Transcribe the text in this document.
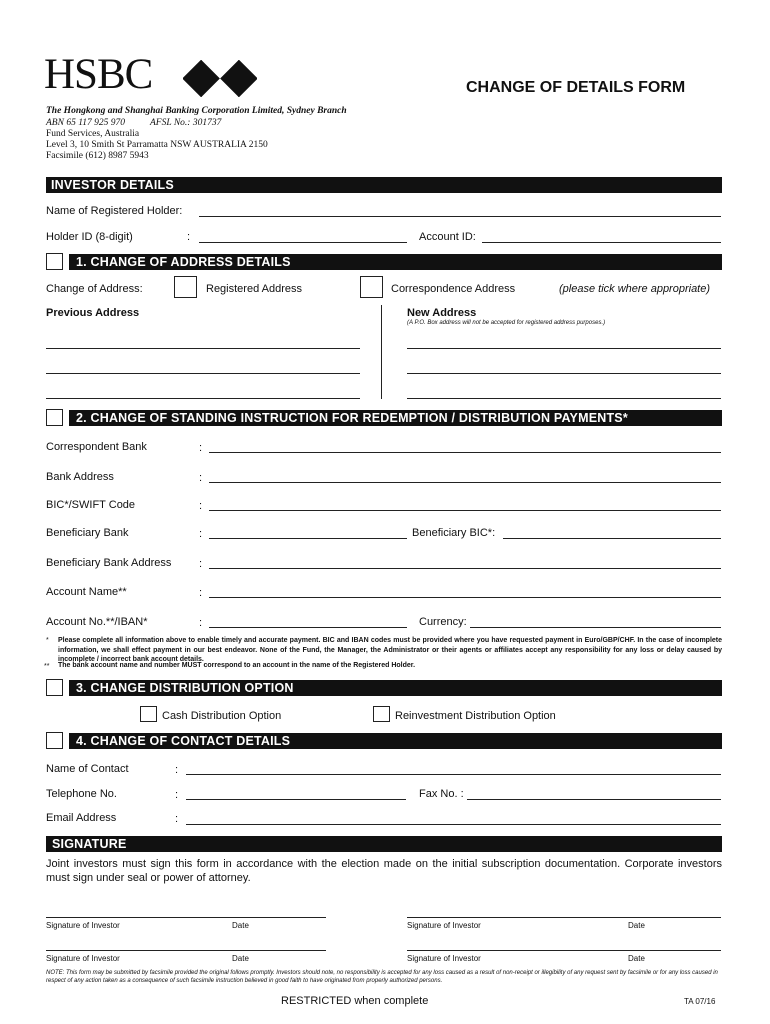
HSBC	CHANGE OF DETAILS FORM
The Hongkong and Shanghai Banking Corporation Limited, Sydney Branch
ABN 65 117 925 970	AFSL No.: 301737
Fund Services, Australia
Level 3, 10 Smith St Parramatta NSW AUSTRALIA 2150
Facsimile (612) 8987 5943
INVESTOR DETAILS
Name of Registered Holder:
Holder ID (8-digit)	:	Account ID:
1. CHANGE OF ADDRESS DETAILS
Change of Address:	Registered Address	Correspondence Address	(please tick where appropriate)
Previous Address	New Address
(A P.O. Box address will not be accepted for registered address purposes.)
2. CHANGE OF STANDING INSTRUCTION FOR REDEMPTION / DISTRIBUTION PAYMENTS*
Correspondent Bank	:
Bank Address	:
BIC*/SWIFT Code	:
Beneficiary Bank	:	Beneficiary BIC*:
Beneficiary Bank Address	:
Account Name**	:
Account No.**/IBAN*	:	Currency:
* Please complete all information above to enable timely and accurate payment. BIC and IBAN codes must be provided where you have requested payment in Euro/GBP/CHF. In the case of incomplete information, we shall effect payment in our best endeavor. None of the Fund, the Manager, the Administrator or their agents or affiliates accept any responsibility for any loss or delay caused by incomplete / incorrect bank account details.
** The bank account name and number MUST correspond to an account in the name of the Registered Holder.
3. CHANGE DISTRIBUTION OPTION
Cash Distribution Option	Reinvestment Distribution Option
4. CHANGE OF CONTACT DETAILS
Name of Contact	:
Telephone No.	:	Fax No. :
Email Address	:
SIGNATURE
Joint investors must sign this form in accordance with the election made on the initial subscription documentation. Corporate investors must sign under seal or power of attorney.
Signature of Investor	Date	Signature of Investor	Date
Signature of Investor	Date	Signature of Investor	Date
NOTE: This form may be submitted by facsimile provided the original follows promptly. Investors should note, no responsibility is accepted for any loss caused as a result of non-receipt or illegibility of any request sent by facsimile or for any loss caused in respect of any action taken as a consequence of such facsimile instruction believed in good faith to have originated from properly authorized persons.
RESTRICTED when complete	TA 07/16
